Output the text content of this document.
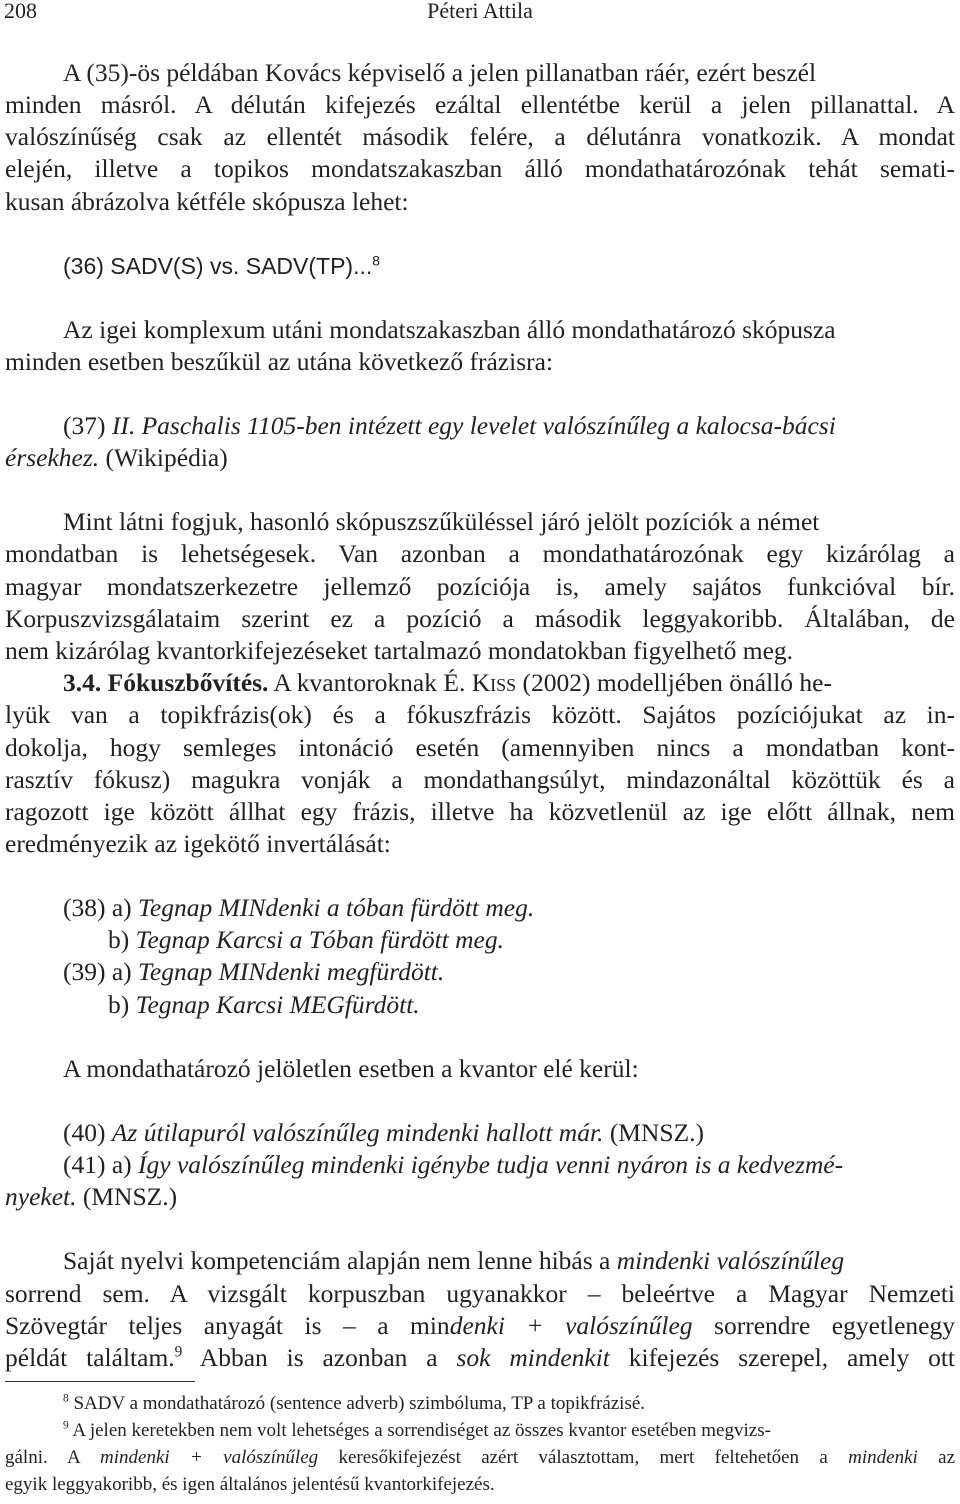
208	Péteri Attila
A (35)-ös példában Kovács képviselő a jelen pillanatban ráér, ezért beszél
minden másról. A délután kifejezés ezáltal ellentétbe kerül a jelen pillanattal. A
valószínűség csak az ellentét második felére, a délutánra vonatkozik. A mondat
elején, illetve a topikos mondatszakaszban álló mondathatározónak tehát semati-
kusan ábrázolva kétféle skópusza lehet:
(36) SADV(S) vs. SADV(TP)...$^8$
Az igei komplexum utáni mondatszakaszban álló mondathatározó skópusza
minden esetben beszűkül az utána következő frázisra:
(37) II. Paschalis 1105-ben intézett egy levelet valószínűleg a kalocsa-bácsi
érsekhez. (Wikipédia)
Mint látni fogjuk, hasonló skópuszszűküléssel járó jelölt pozíciók a német
mondatban is lehetségesek. Van azonban a mondathatározónak egy kizárólag a
magyar mondatszerkezetre jellemző pozíciója is, amely sajátos funkcióval bír.
Korpuszvizsgálataim szerint ez a pozíció a második leggyakoribb. Általában, de
nem kizárólag kvantorkifejezéseket tartalmazó mondatokban figyelhető meg.
3.4. Fókuszbővítés. A kvantoroknak É. Kiss (2002) modelljében önálló he-
lyük van a topikfrázis(ok) és a fókuszfrázis között. Sajátos pozíciójukat az in-
dokolja, hogy semleges intonáció esetén (amennyiben nincs a mondatban kont-
rasztív fókusz) magukra vonják a mondathangsúlyt, mindazonáltal közöttük és a
ragozott ige között állhat egy frázis, illetve ha közvetlenül az ige előtt állnak, nem
eredményezik az igekötő invertálását:
(38) a) Tegnap MINdenki a tóban fürdött meg.
b) Tegnap Karcsi a Tóban fürdött meg.
(39) a) Tegnap MINdenki megfürdött.
b) Tegnap Karcsi MEGfürdött.
A mondathatározó jelöletlen esetben a kvantor elé kerül:
(40) Az útilapuról valószínűleg mindenki hallott már. (MNSZ.)
(41) a) Így valószínűleg mindenki igénybe tudja venni nyáron is a kedvezmé-
nyeket. (MNSZ.)
Saját nyelvi kompetenciám alapján nem lenne hibás a mindenki valószínűleg
sorrend sem. A vizsgált korpuszban ugyanakkor – beleértve a Magyar Nemzeti
Szövegtár teljes anyagát is – a mindenki + valószínűleg sorrendre egyetlenegy
példát találtam.$^9$ Abban is azonban a sok mindenkit kifejezés szerepel, amely ott
$^8$ SADV a mondathatározó (sentence adverb) szimbóluma, TP a topikfrázisé.
$^9$ A jelen keretekben nem volt lehetséges a sorrendiséget az összes kvantor esetében megvizs-
gálni. A mindenki + valószínűleg keresőkifejezést azért választottam, mert feltehetően a mindenki az
egyik leggyakoribb, és igen általános jelentésű kvantorkifejezés.
